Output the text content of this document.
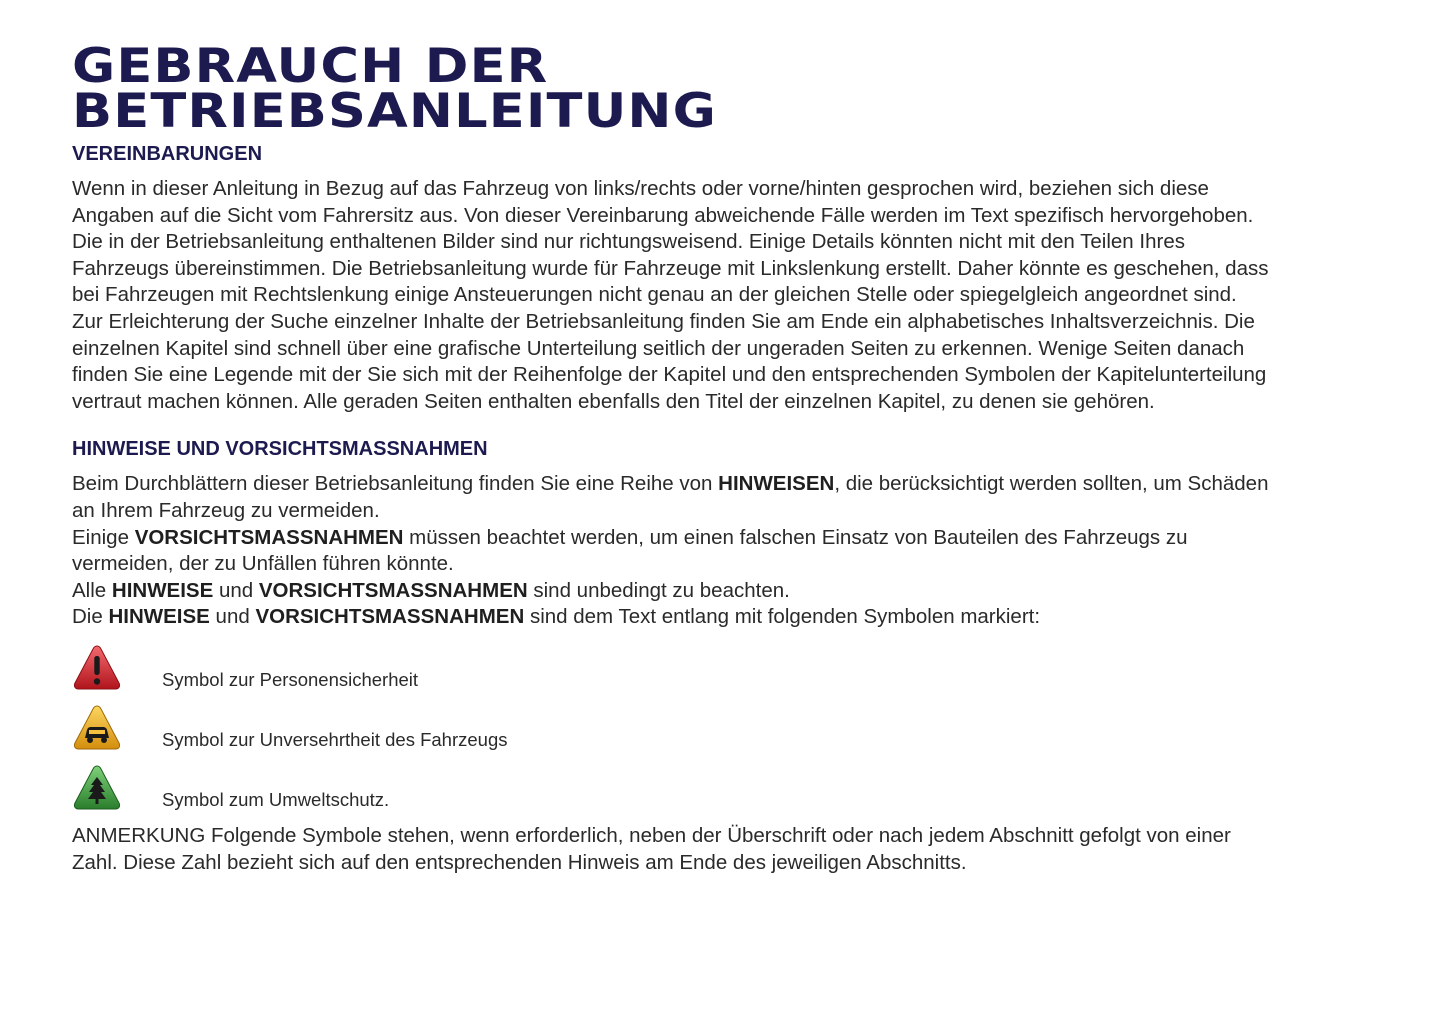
GEBRAUCH DER
BETRIEBSANLEITUNG
VEREINBARUNGEN

Wenn in dieser Anleitung in Bezug auf das Fahrzeug von links/rechts oder vorne/hinten gesprochen wird, beziehen sich diese Angaben auf die Sicht vom Fahrersitz aus. Von dieser Vereinbarung abweichende Fälle werden im Text spezifisch hervorgehoben.

Die in der Betriebsanleitung enthaltenen Bilder sind nur richtungsweisend. Einige Details könnten nicht mit den Teilen Ihres Fahrzeugs übereinstimmen. Die Betriebsanleitung wurde für Fahrzeuge mit Linkslenkung erstellt. Daher könnte es geschehen, dass bei Fahrzeugen mit Rechtslenkung einige Ansteuerungen nicht genau an der gleichen Stelle oder spiegelgleich angeordnet sind.

Zur Erleichterung der Suche einzelner Inhalte der Betriebsanleitung finden Sie am Ende ein alphabetisches Inhaltsverzeichnis. Die einzelnen Kapitel sind schnell über eine grafische Unterteilung seitlich der ungeraden Seiten zu erkennen. Wenige Seiten danach finden Sie eine Legende mit der Sie sich mit der Reihenfolge der Kapitel und den entsprechenden Symbolen der Kapitelunterteilung vertraut machen können. Alle geraden Seiten enthalten ebenfalls den Titel der einzelnen Kapitel, zu denen sie gehören.

HINWEISE UND VORSICHTSMASSNAHMEN

Beim Durchblättern dieser Betriebsanleitung finden Sie eine Reihe von HINWEISEN, die berücksichtigt werden sollten, um Schäden an Ihrem Fahrzeug zu vermeiden.

Einige VORSICHTSMASSNAHMEN müssen beachtet werden, um einen falschen Einsatz von Bauteilen des Fahrzeugs zu vermeiden, der zu Unfällen führen könnte.

Alle HINWEISE und VORSICHTSMASSNAHMEN sind unbedingt zu beachten.

Die HINWEISE und VORSICHTSMASSNAHMEN sind dem Text entlang mit folgenden Symbolen markiert:

Symbol zur Personensicherheit
Symbol zur Unversehrtheit des Fahrzeugs
Symbol zum Umweltschutz.

ANMERKUNG Folgende Symbole stehen, wenn erforderlich, neben der Überschrift oder nach jedem Abschnitt gefolgt von einer Zahl. Diese Zahl bezieht sich auf den entsprechenden Hinweis am Ende des jeweiligen Abschnitts.
